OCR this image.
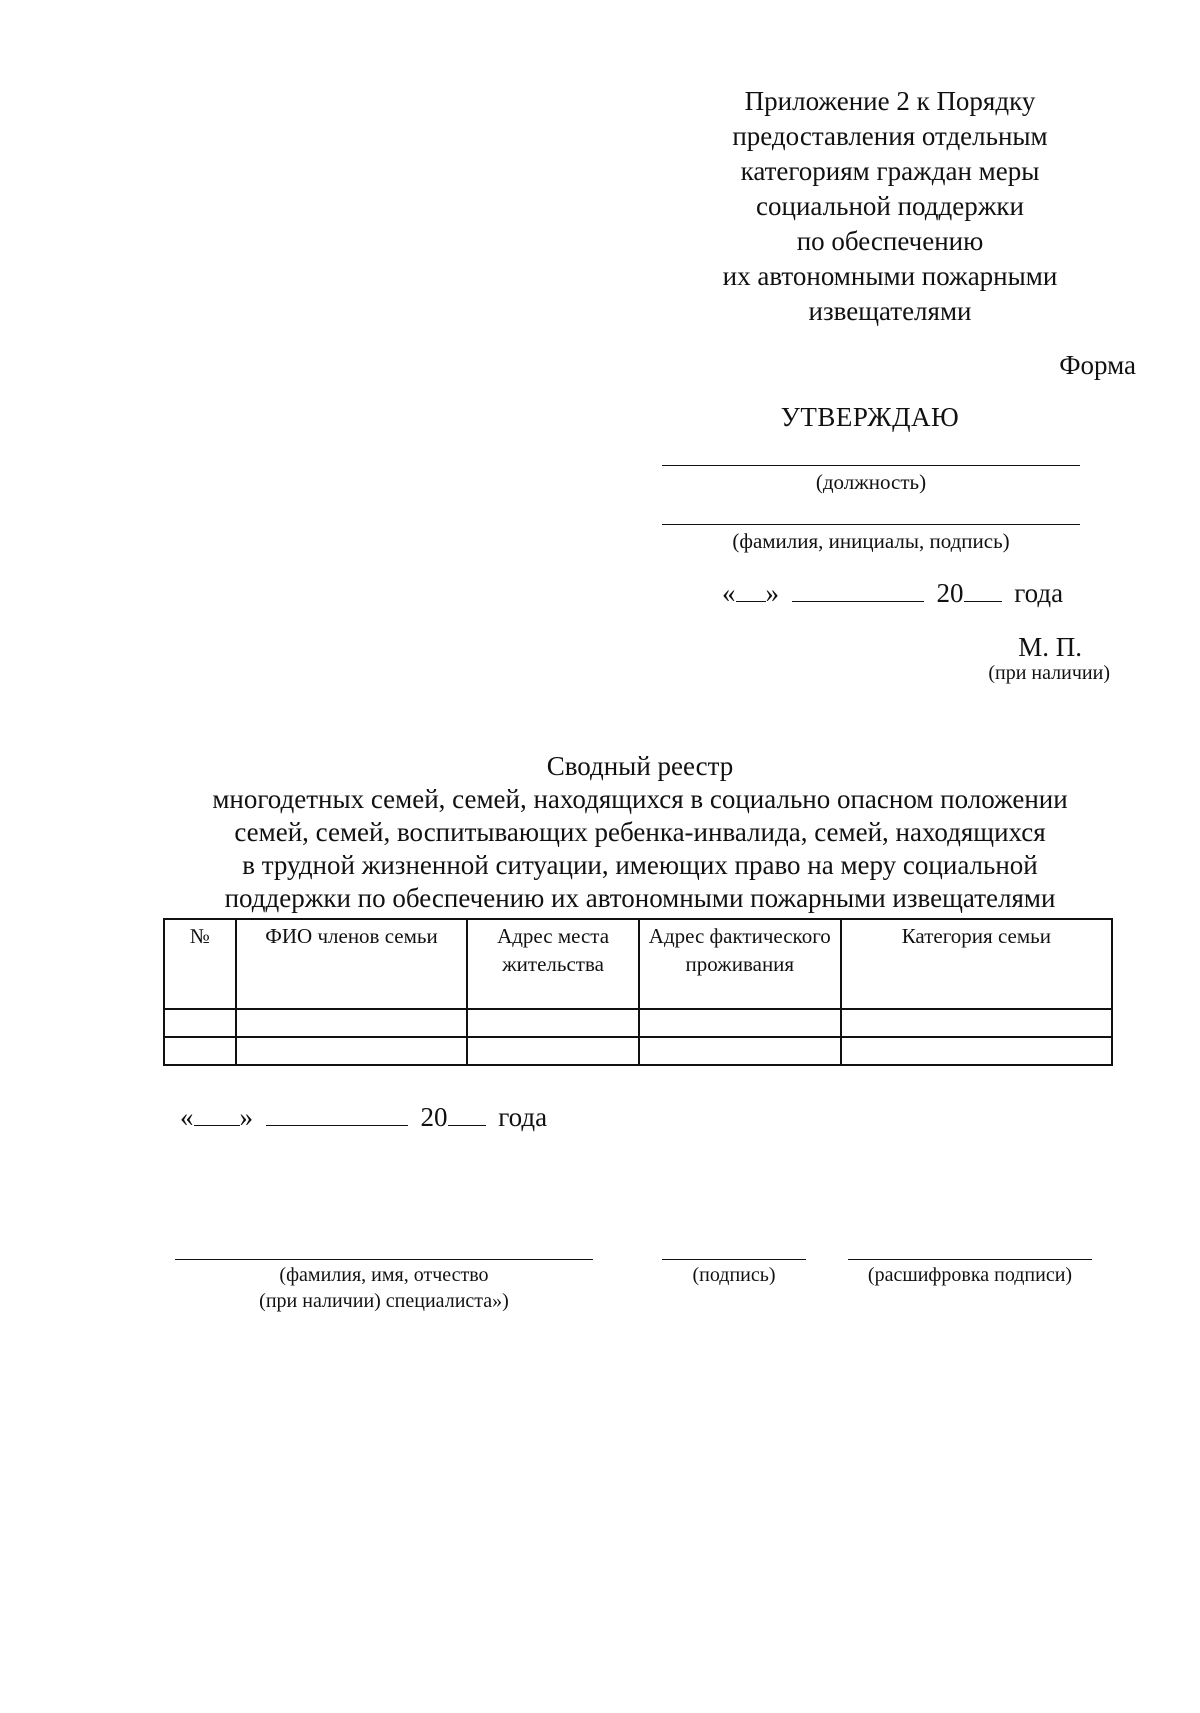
Приложение 2 к Порядку
предоставления отдельным
категориям граждан меры
социальной поддержки
по обеспечению
их автономными пожарными
извещателями
Форма
УТВЕРЖДАЮ
(должность)
(фамилия, инициалы, подпись)
« »	20 года
М. П.
(при наличии)
Сводный реестр
многодетных семей, семей, находящихся в социально опасном положении
семей, семей, воспитывающих ребенка-инвалида, семей, находящихся
в трудной жизненной ситуации, имеющих право на меру социальной
поддержки по обеспечению их автономными пожарными извещателями
№	ФИО членов семьи	Адрес места жительства	Адрес фактического проживания	Категория семьи

« »	20 года
(фамилия, имя, отчество
(при наличии) специалиста»)
(подпись)	(расшифровка подписи)
